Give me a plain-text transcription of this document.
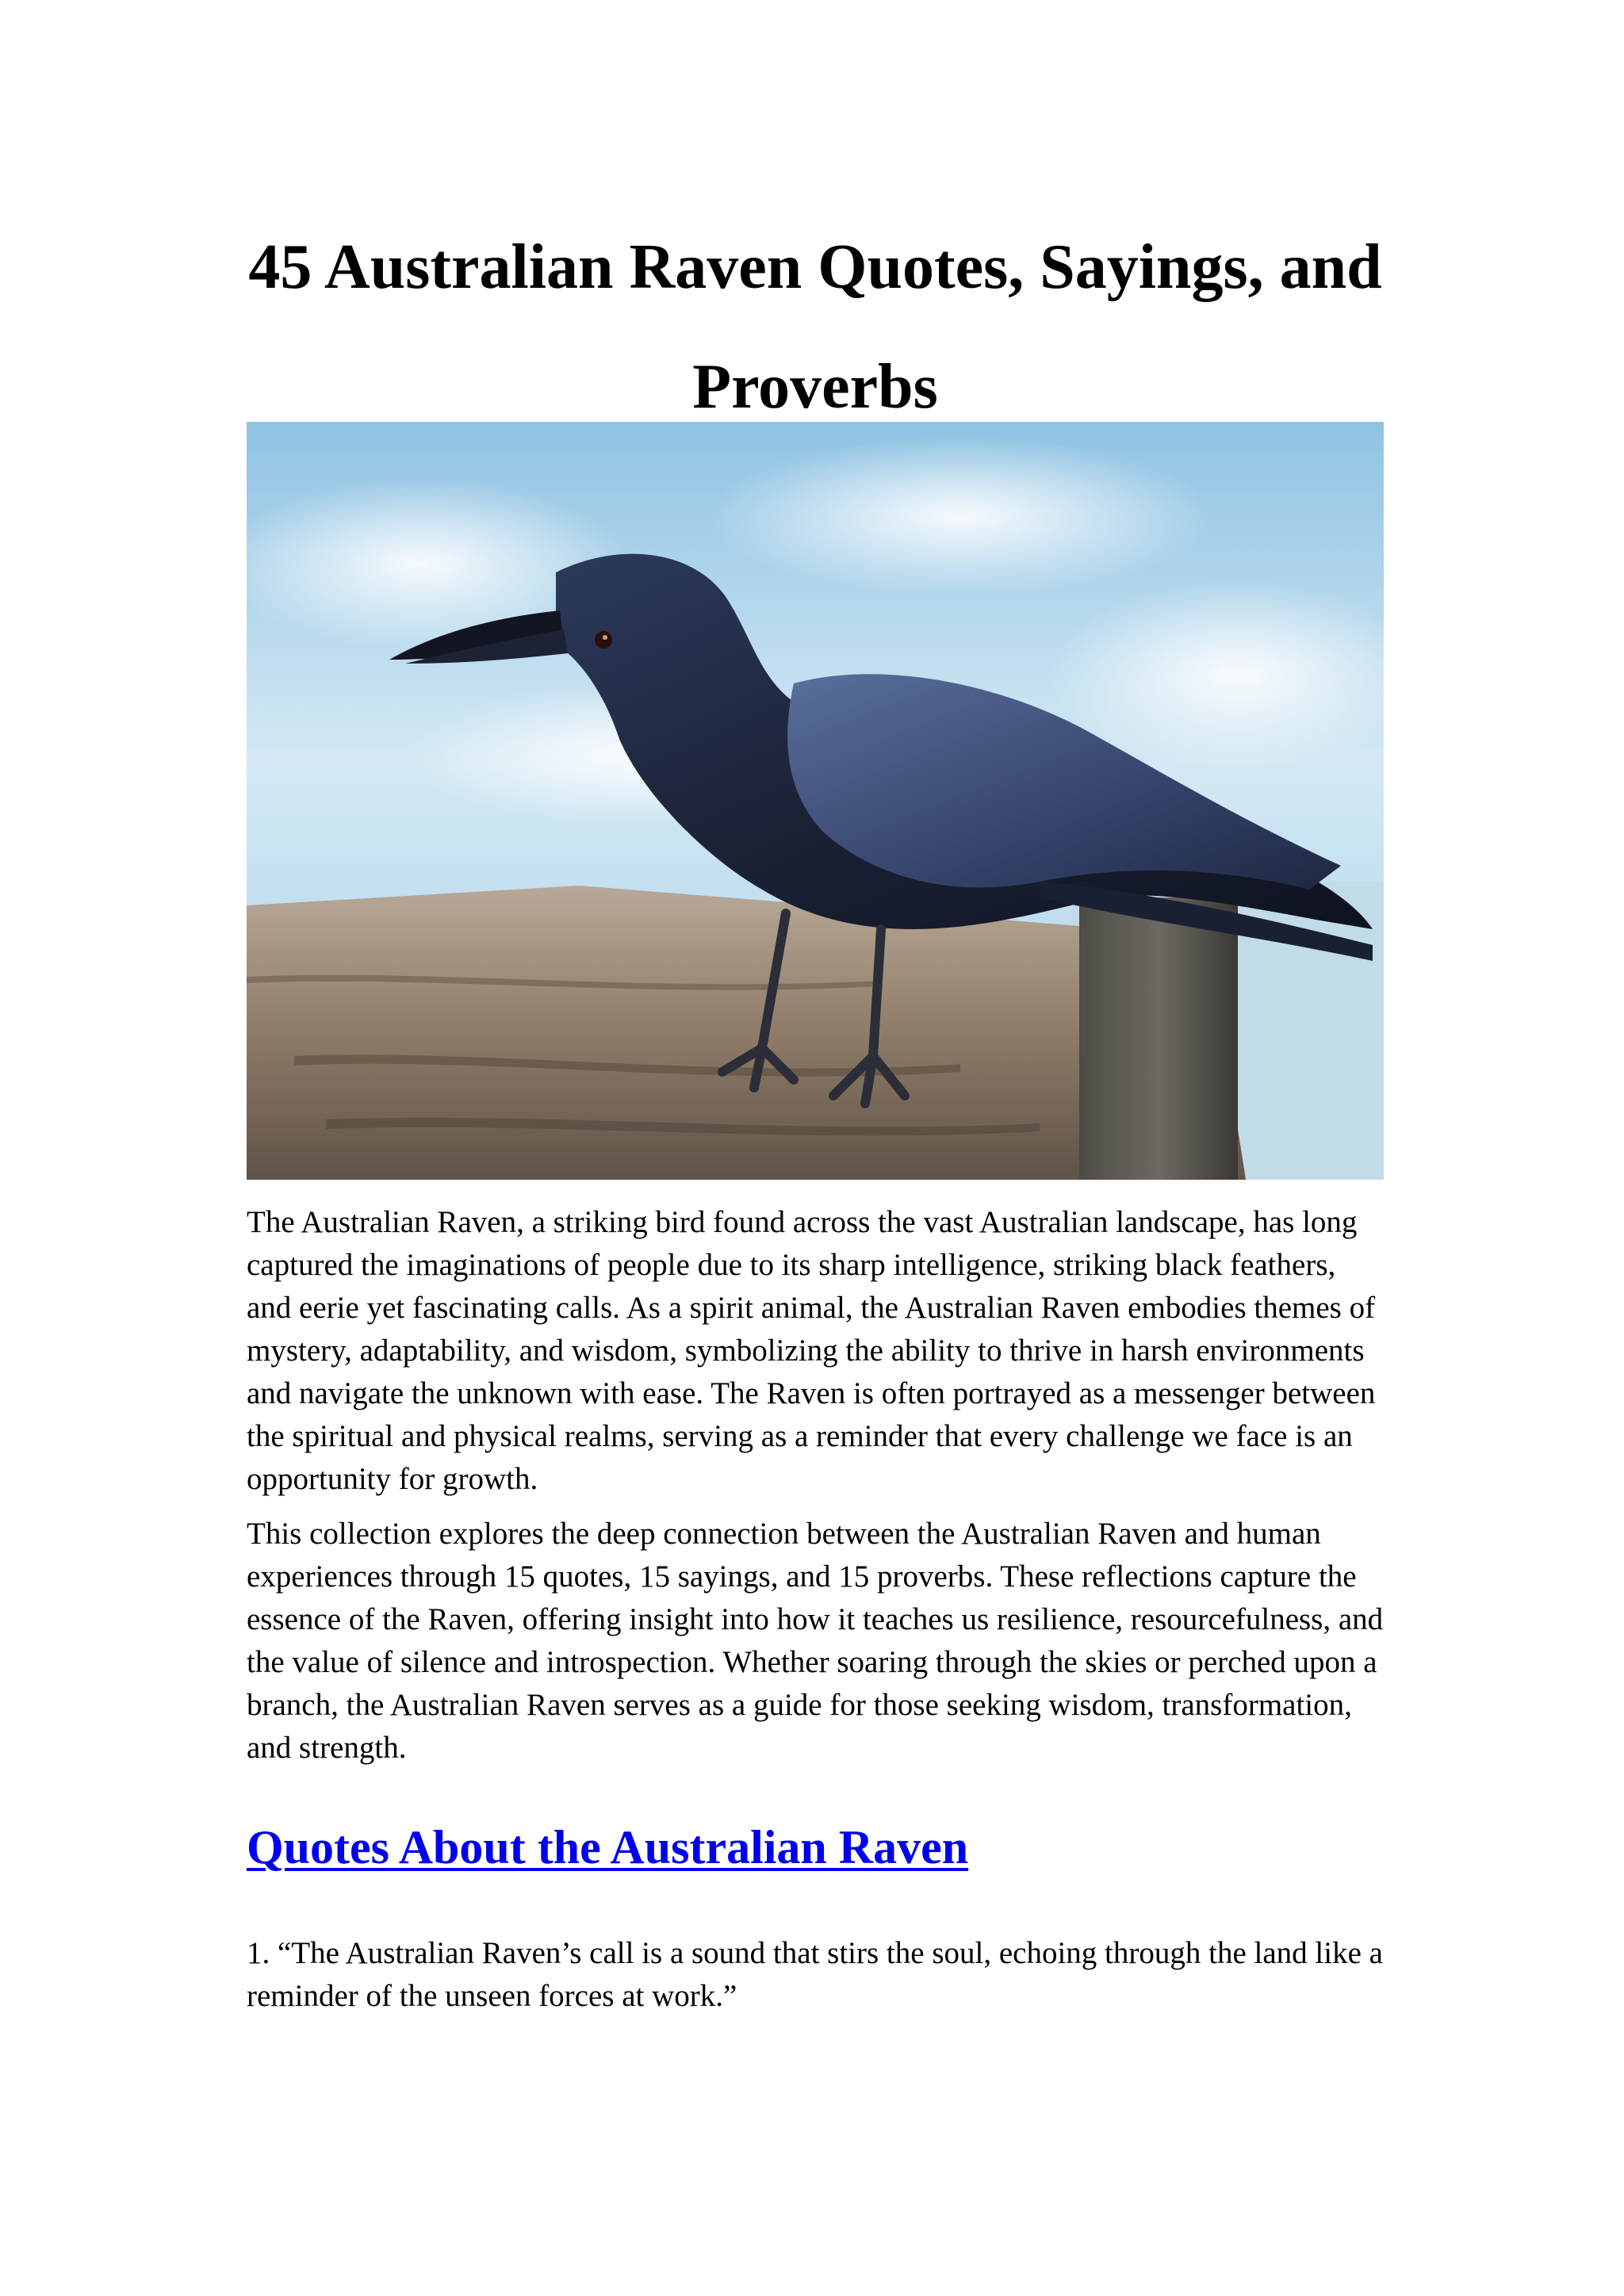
45 Australian Raven Quotes, Sayings, and Proverbs

The Australian Raven, a striking bird found across the vast Australian landscape, has long captured the imaginations of people due to its sharp intelligence, striking black feathers, and eerie yet fascinating calls. As a spirit animal, the Australian Raven embodies themes of mystery, adaptability, and wisdom, symbolizing the ability to thrive in harsh environments and navigate the unknown with ease. The Raven is often portrayed as a messenger between the spiritual and physical realms, serving as a reminder that every challenge we face is an opportunity for growth.

This collection explores the deep connection between the Australian Raven and human experiences through 15 quotes, 15 sayings, and 15 proverbs. These reflections capture the essence of the Raven, offering insight into how it teaches us resilience, resourcefulness, and the value of silence and introspection. Whether soaring through the skies or perched upon a branch, the Australian Raven serves as a guide for those seeking wisdom, transformation, and strength.

Quotes About the Australian Raven

1. “The Australian Raven’s call is a sound that stirs the soul, echoing through the land like a reminder of the unseen forces at work.”
